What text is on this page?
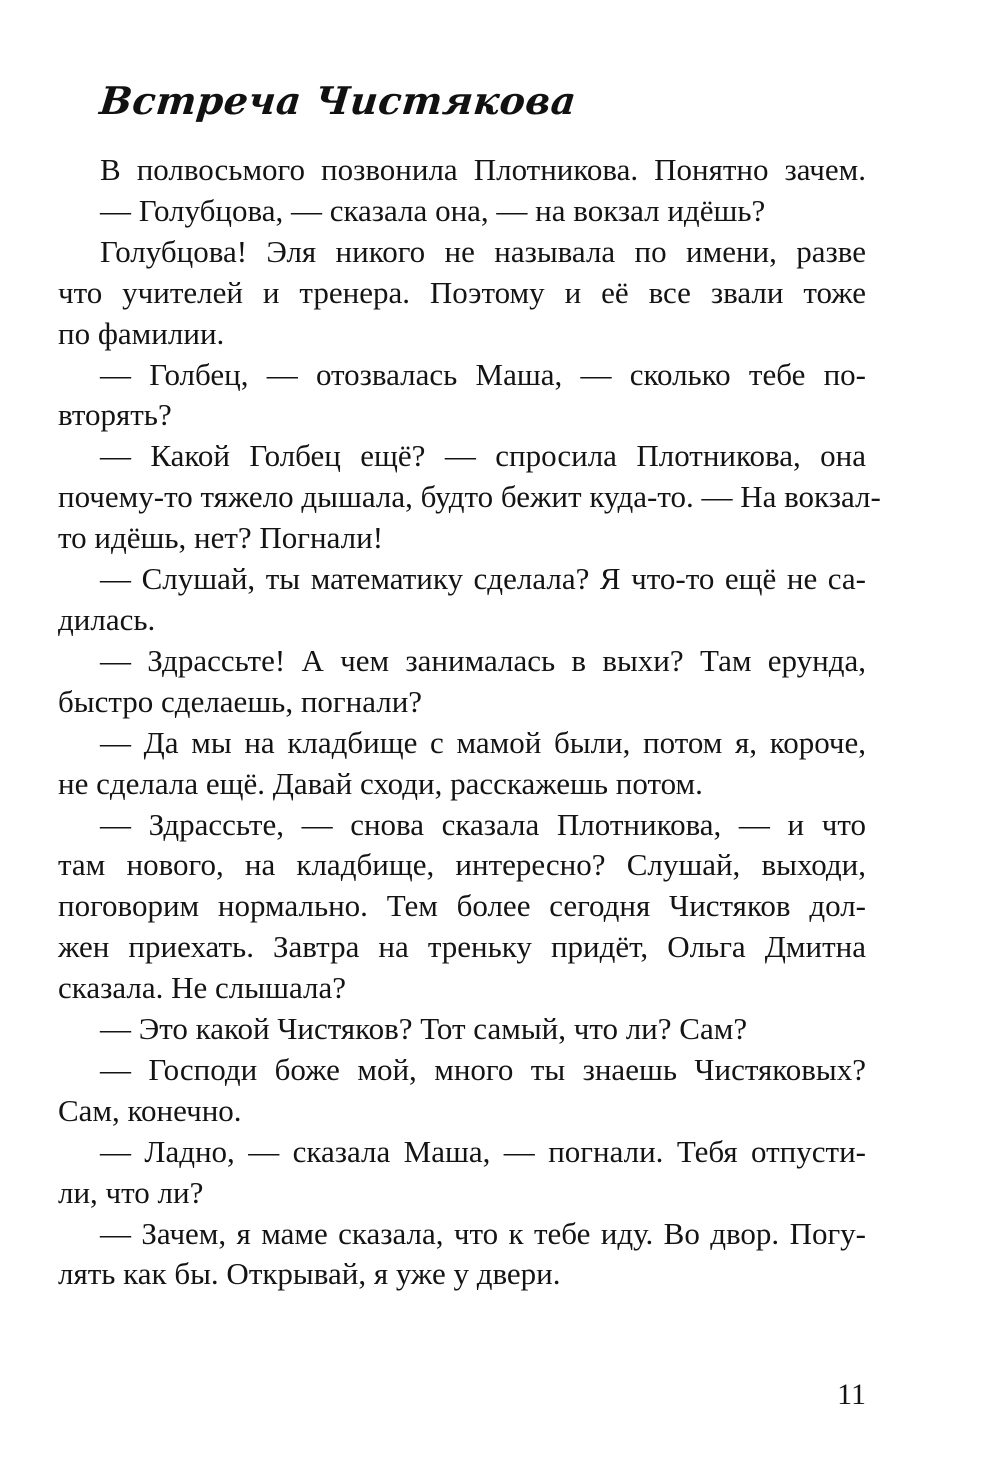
Встреча Чистякова
В полвосьмого позвонила Плотникова. Понятно зачем.
— Голубцова, — сказала она, — на вокзал идёшь?
Голубцова! Эля никого не называла по имени, разве
что учителей и тренера. Поэтому и её все звали тоже
по фамилии.
— Голбец, — отозвалась Маша, — сколько тебе по-
вторять?
— Какой Голбец ещё? — спросила Плотникова, она
почему-то тяжело дышала, будто бежит куда-то. — На вокзал-
то идёшь, нет? Погнали!
— Слушай, ты математику сделала? Я что-то ещё не са-
дилась.
— Здрассьте! А чем занималась в выхи? Там ерунда,
быстро сделаешь, погнали?
— Да мы на кладбище с мамой были, потом я, короче,
не сделала ещё. Давай сходи, расскажешь потом.
— Здрассьте, — снова сказала Плотникова, — и что
там нового, на кладбище, интересно? Слушай, выходи,
поговорим нормально. Тем более сегодня Чистяков дол-
жен приехать. Завтра на треньку придёт, Ольга Дмитна
сказала. Не слышала?
— Это какой Чистяков? Тот самый, что ли? Сам?
— Господи боже мой, много ты знаешь Чистяковых?
Сам, конечно.
— Ладно, — сказала Маша, — погнали. Тебя отпусти-
ли, что ли?
— Зачем, я маме сказала, что к тебе иду. Во двор. Погу-
лять как бы. Открывай, я уже у двери.
11
